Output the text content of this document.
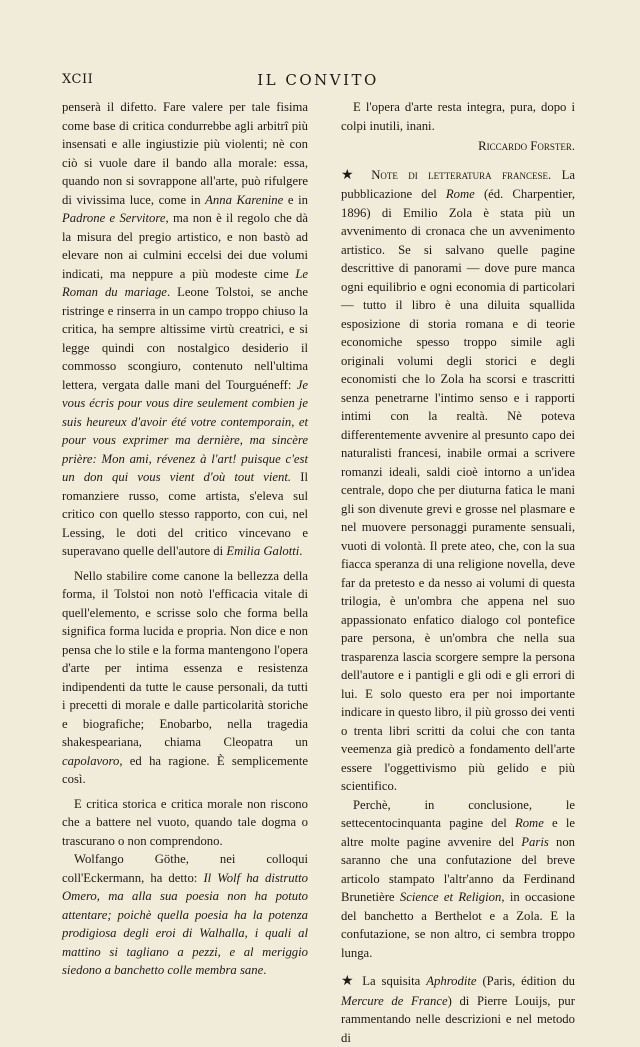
XCII	IL CONVITO

penserà il difetto. Fare valere per tale fisima come base di critica condurrebbe agli arbitrî più insensati e alle ingiustizie più violenti; nè con ciò si vuole dare il bando alla morale: essa, quando non si sovrappone all'arte, può rifulgere di vivissima luce, come in Anna Karenine e in Padrone e Servitore, ma non è il regolo che dà la misura del pregio artistico, e non bastò ad elevare non ai culmini eccelsi dei due volumi indicati, ma neppure a più modeste cime Le Roman du mariage. Leone Tolstoi, se anche ristringe e rinserra in un campo troppo chiuso la critica, ha sempre altissime virtù creatrici, e si legge quindi con nostalgico desiderio il commosso scongiuro, contenuto nell'ultima lettera, vergata dalle mani del Tourguéneff: Je vous écris pour vous dire seulement combien je suis heureux d'avoir été votre contemporain, et pour vous exprimer ma dernière, ma sincère prière: Mon ami, révenez à l'art! puisque c'est un don qui vous vient d'où tout vient. Il romanziere russo, come artista, s'eleva sul critico con quello stesso rapporto, con cui, nel Lessing, le doti del critico vincevano e superavano quelle dell'autore di Emilia Galotti.

Nello stabilire come canone la bellezza della forma, il Tolstoi non notò l'efficacia vitale di quell'elemento, e scrisse solo che forma bella significa forma lucida e propria. Non dice e non pensa che lo stile e la forma mantengono l'opera d'arte per intima essenza e resistenza indipendenti da tutte le cause personali, da tutti i precetti di morale e dalle particolarità storiche e biografiche; Enobarbo, nella tragedia shakespeariana, chiama Cleopatra un capolavoro, ed ha ragione. È semplicemente così.

E critica storica e critica morale non riscono che a battere nel vuoto, quando tale dogma o trascurano o non comprendono.

Wolfango Göthe, nei colloqui coll'Eckermann, ha detto: Il Wolf ha distrutto Omero, ma alla sua poesia non ha potuto attentare; poichè quella poesia ha la potenza prodigiosa degli eroi di Walhalla, i quali al mattino si tagliano a pezzi, e al meriggio siedono a banchetto colle membra sane.

E l'opera d'arte resta integra, pura, dopo i colpi inutili, inani.

Riccardo Forster.

★ Note di letteratura francese. La pubblicazione del Rome (éd. Charpentier, 1896) di Emilio Zola è stata più un avvenimento di cronaca che un avvenimento artistico. Se si salvano quelle pagine descrittive di panorami — dove pure manca ogni equilibrio e ogni economia di particolari — tutto il libro è una diluita squallida esposizione di storia romana e di teorie economiche spesso troppo simile agli originali volumi degli storici e degli economisti che lo Zola ha scorsi e trascritti senza penetrarne l'intimo senso e i rapporti intimi con la realtà. Nè poteva differentemente avvenire al presunto capo dei naturalisti francesi, inabile ormai a scrivere romanzi ideali, saldi cioè intorno a un'idea centrale, dopo che per diuturna fatica le mani gli son divenute grevi e grosse nel plasmare e nel muovere personaggi puramente sensuali, vuoti di volontà. Il prete ateo, che, con la sua fiacca speranza di una religione novella, deve far da pretesto e da nesso ai volumi di questa trilogia, è un'ombra che appena nel suo appassionato enfatico dialogo col pontefice pare persona, è un'ombra che nella sua trasparenza lascia scorgere sempre la persona dell'autore e i pantigli e gli odi e gli errori di lui. E solo questo era per noi importante indicare in questo libro, il più grosso dei venti o trenta libri scritti da colui che con tanta veemenza già predicò a fondamento dell'arte essere l'oggettivismo più gelido e più scientifico.

Perchè, in conclusione, le settecentocinquanta pagine del Rome e le altre molte pagine avvenire del Paris non saranno che una confutazione del breve articolo stampato l'altr'anno da Ferdinand Brunetière Science et Religion, in occasione del banchetto a Berthelot e a Zola. E la confutazione, se non altro, ci sembra troppo lunga.

★ La squisita Aphrodite (Paris, édition du Mercure de France) di Pierre Louijs, pur rammentando nelle descrizioni e nel metodo di
